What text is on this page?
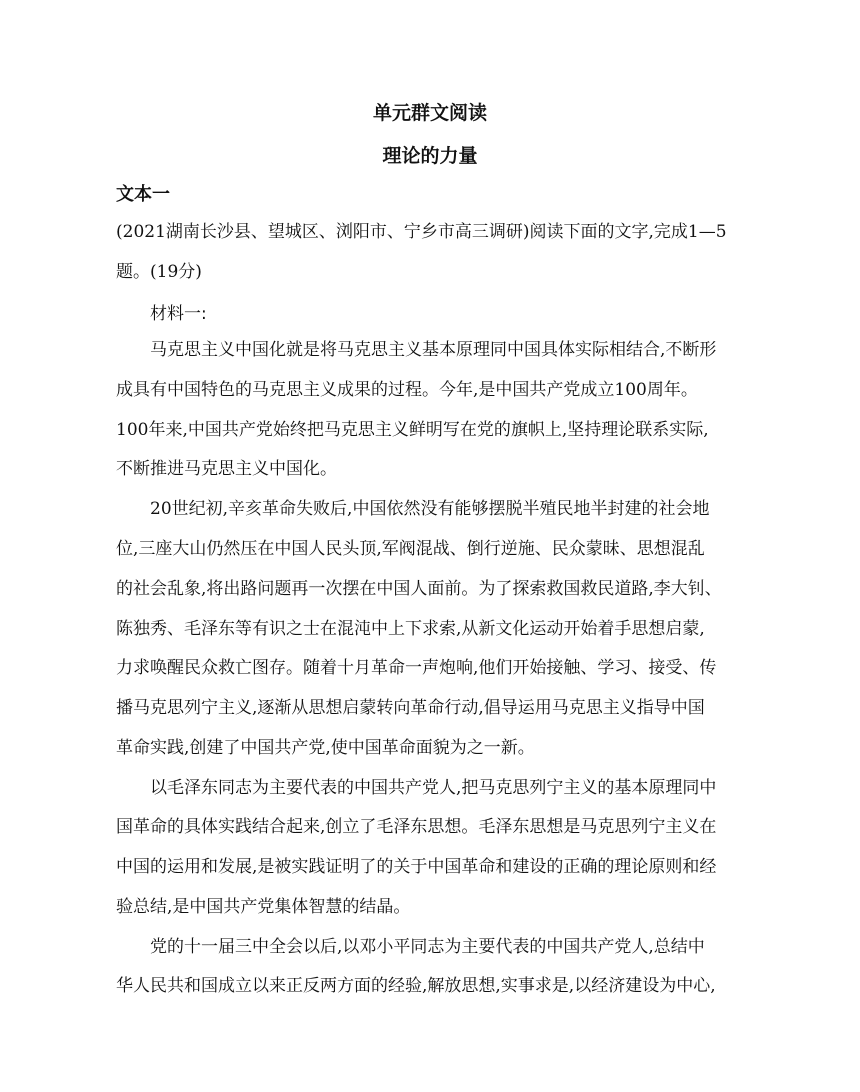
单元群文阅读
理论的力量
文本一
(2021湖南长沙县、望城区、浏阳市、宁乡市高三调研)阅读下面的文字,完成1—5
题。(19分)
材料一:
马克思主义中国化就是将马克思主义基本原理同中国具体实际相结合,不断形
成具有中国特色的马克思主义成果的过程。今年,是中国共产党成立100周年。
100年来,中国共产党始终把马克思主义鲜明写在党的旗帜上,坚持理论联系实际,
不断推进马克思主义中国化。
20世纪初,辛亥革命失败后,中国依然没有能够摆脱半殖民地半封建的社会地
位,三座大山仍然压在中国人民头顶,军阀混战、倒行逆施、民众蒙昧、思想混乱
的社会乱象,将出路问题再一次摆在中国人面前。为了探索救国救民道路,李大钊、
陈独秀、毛泽东等有识之士在混沌中上下求索,从新文化运动开始着手思想启蒙,
力求唤醒民众救亡图存。随着十月革命一声炮响,他们开始接触、学习、接受、传
播马克思列宁主义,逐渐从思想启蒙转向革命行动,倡导运用马克思主义指导中国
革命实践,创建了中国共产党,使中国革命面貌为之一新。
以毛泽东同志为主要代表的中国共产党人,把马克思列宁主义的基本原理同中
国革命的具体实践结合起来,创立了毛泽东思想。毛泽东思想是马克思列宁主义在
中国的运用和发展,是被实践证明了的关于中国革命和建设的正确的理论原则和经
验总结,是中国共产党集体智慧的结晶。
党的十一届三中全会以后,以邓小平同志为主要代表的中国共产党人,总结中
华人民共和国成立以来正反两方面的经验,解放思想,实事求是,以经济建设为中心,
